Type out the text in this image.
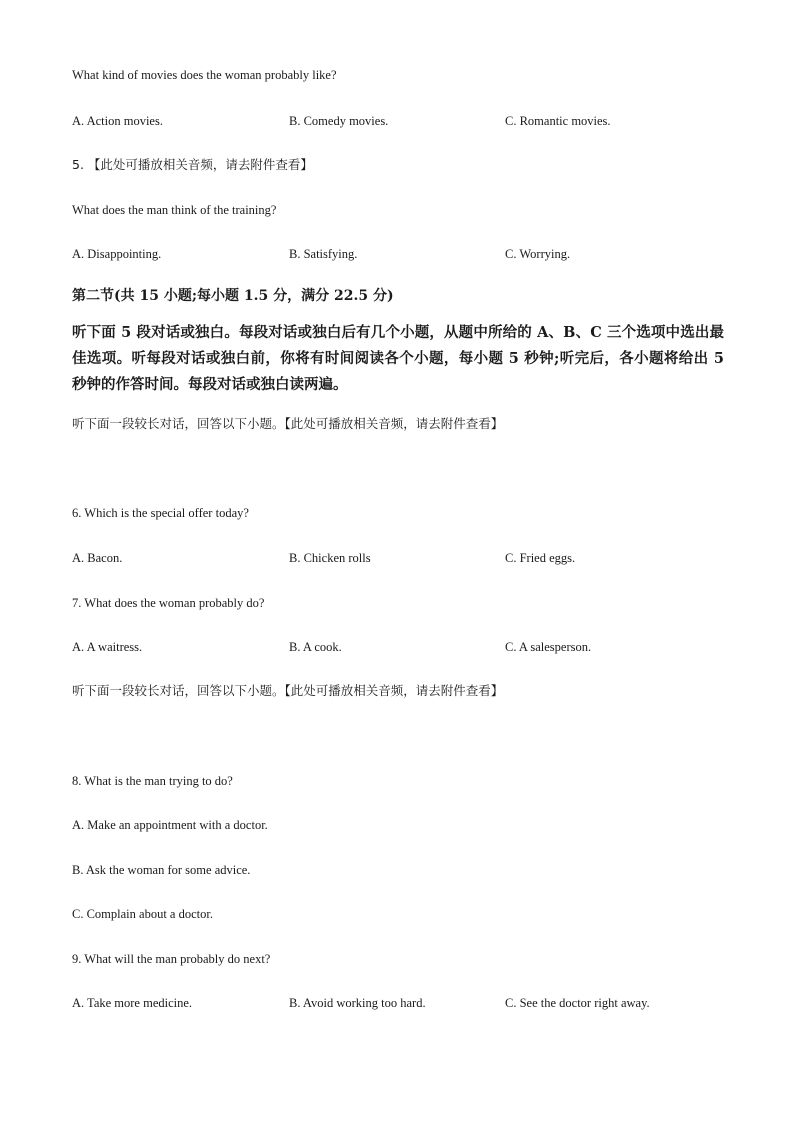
What kind of movies does the woman probably like?
A. Action movies.	B. Comedy movies.	C. Romantic movies.
5. 【此处可播放相关音频，请去附件查看】
What does the man think of the training?
A. Disappointing.	B. Satisfying.	C. Worrying.
第二节(共 15 小题;每小题 1.5 分，满分 22.5 分)
听下面 5 段对话或独白。每段对话或独白后有几个小题，从题中所给的 A、B、C 三个选项中选出最佳选项。听每段对话或独白前，你将有时间阅读各个小题，每小题 5 秒钟;听完后，各小题将给出 5 秒钟的作答时间。每段对话或独白读两遍。
听下面一段较长对话，回答以下小题。【此处可播放相关音频，请去附件查看】
6. Which is the special offer today?
A. Bacon.	B. Chicken rolls	C. Fried eggs.
7. What does the woman probably do?
A. A waitress.	B. A cook.	C. A salesperson.
听下面一段较长对话，回答以下小题。【此处可播放相关音频，请去附件查看】
8. What is the man trying to do?
A. Make an appointment with a doctor.
B. Ask the woman for some advice.
C. Complain about a doctor.
9. What will the man probably do next?
A. Take more medicine.	B. Avoid working too hard.	C. See the doctor right away.
